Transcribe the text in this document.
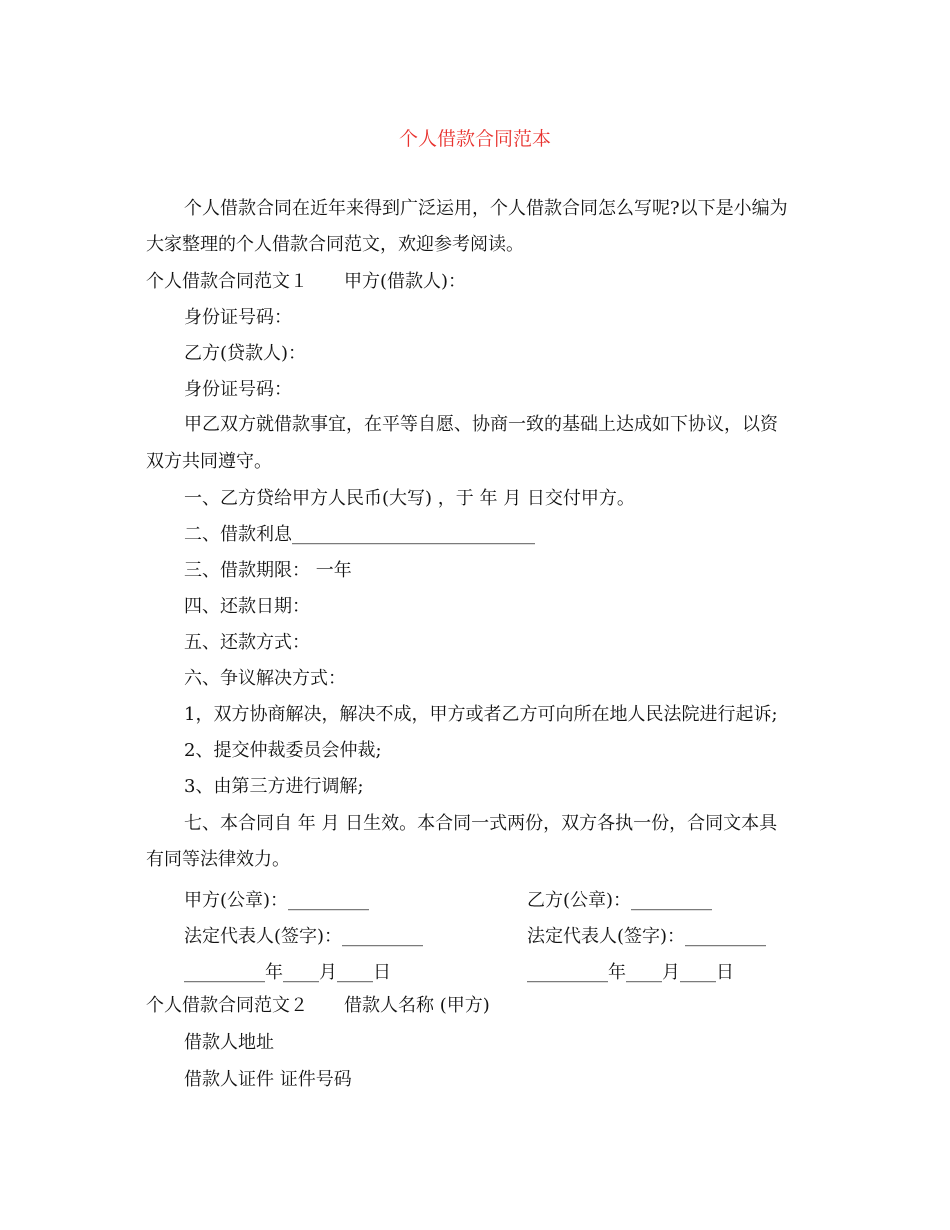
个人借款合同范本
个人借款合同在近年来得到广泛运用，个人借款合同怎么写呢?以下是小编为
大家整理的个人借款合同范文，欢迎参考阅读。
个人借款合同范文１　　甲方(借款人)：
身份证号码：
乙方(贷款人)：
身份证号码：
甲乙双方就借款事宜，在平等自愿、协商一致的基础上达成如下协议，以资
双方共同遵守。
一、乙方贷给甲方人民币(大写) ，于 年 月 日交付甲方。
二、借款利息___________________________
三、借款期限： 一年
四、还款日期：
五、还款方式：
六、争议解决方式：
1，双方协商解决，解决不成，甲方或者乙方可向所在地人民法院进行起诉;
2、提交仲裁委员会仲裁;
3、由第三方进行调解;
七、本合同自 年 月 日生效。本合同一式两份，双方各执一份，合同文本具
有同等法律效力。
甲方(公章)：_________	乙方(公章)：_________
法定代表人(签字)：_________	法定代表人(签字)：_________
_________年____月____日	_________年____月____日
个人借款合同范文２　　借款人名称 (甲方)
借款人地址
借款人证件 证件号码
